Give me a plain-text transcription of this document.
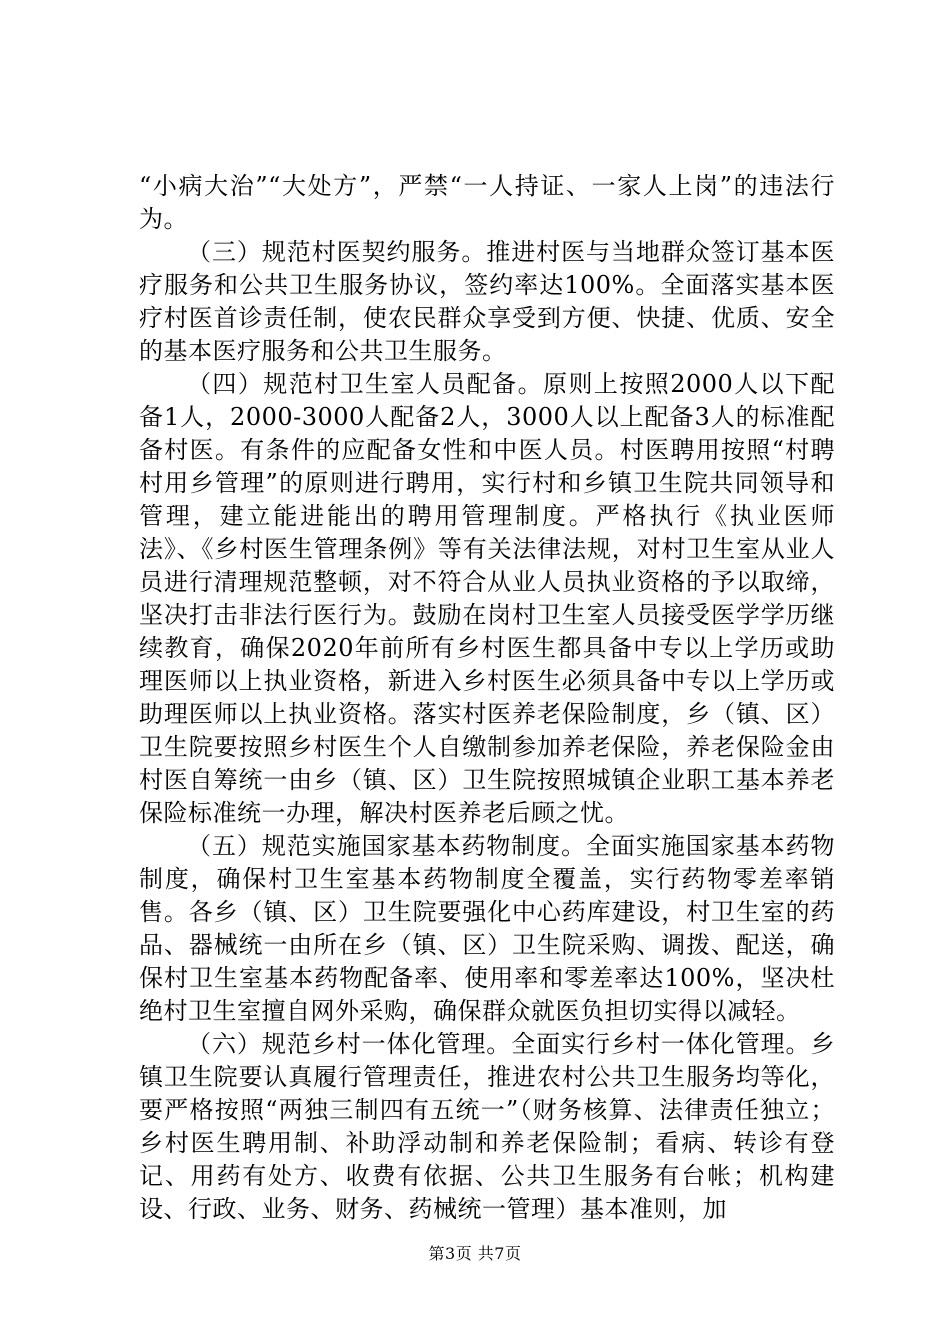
“小病大治”“大处方”，严禁“一人持证、一家人上岗”的违法行为。

（三）规范村医契约服务。推进村医与当地群众签订基本医疗服务和公共卫生服务协议，签约率达100%。全面落实基本医疗村医首诊责任制，使农民群众享受到方便、快捷、优质、安全的基本医疗服务和公共卫生服务。

（四）规范村卫生室人员配备。原则上按照2000人以下配备1人，2000-3000人配备2人，3000人以上配备3人的标准配备村医。有条件的应配备女性和中医人员。村医聘用按照“村聘村用乡管理”的原则进行聘用，实行村和乡镇卫生院共同领导和管理，建立能进能出的聘用管理制度。严格执行《执业医师法》、《乡村医生管理条例》等有关法律法规，对村卫生室从业人员进行清理规范整顿，对不符合从业人员执业资格的予以取缔，坚决打击非法行医行为。鼓励在岗村卫生室人员接受医学学历继续教育，确保2020年前所有乡村医生都具备中专以上学历或助理医师以上执业资格，新进入乡村医生必须具备中专以上学历或助理医师以上执业资格。落实村医养老保险制度，乡（镇、区）卫生院要按照乡村医生个人自缴制参加养老保险，养老保险金由村医自筹统一由乡（镇、区）卫生院按照城镇企业职工基本养老保险标准统一办理，解决村医养老后顾之忧。

（五）规范实施国家基本药物制度。全面实施国家基本药物制度，确保村卫生室基本药物制度全覆盖，实行药物零差率销售。各乡（镇、区）卫生院要强化中心药库建设，村卫生室的药品、器械统一由所在乡（镇、区）卫生院采购、调拨、配送，确保村卫生室基本药物配备率、使用率和零差率达100%，坚决杜绝村卫生室擅自网外采购，确保群众就医负担切实得以减轻。

（六）规范乡村一体化管理。全面实行乡村一体化管理。乡镇卫生院要认真履行管理责任，推进农村公共卫生服务均等化，要严格按照“两独三制四有五统一”（财务核算、法律责任独立；乡村医生聘用制、补助浮动制和养老保险制；看病、转诊有登记、用药有处方、收费有依据、公共卫生服务有台帐；机构建设、行政、业务、财务、药械统一管理）基本准则，加

第3页 共7页
